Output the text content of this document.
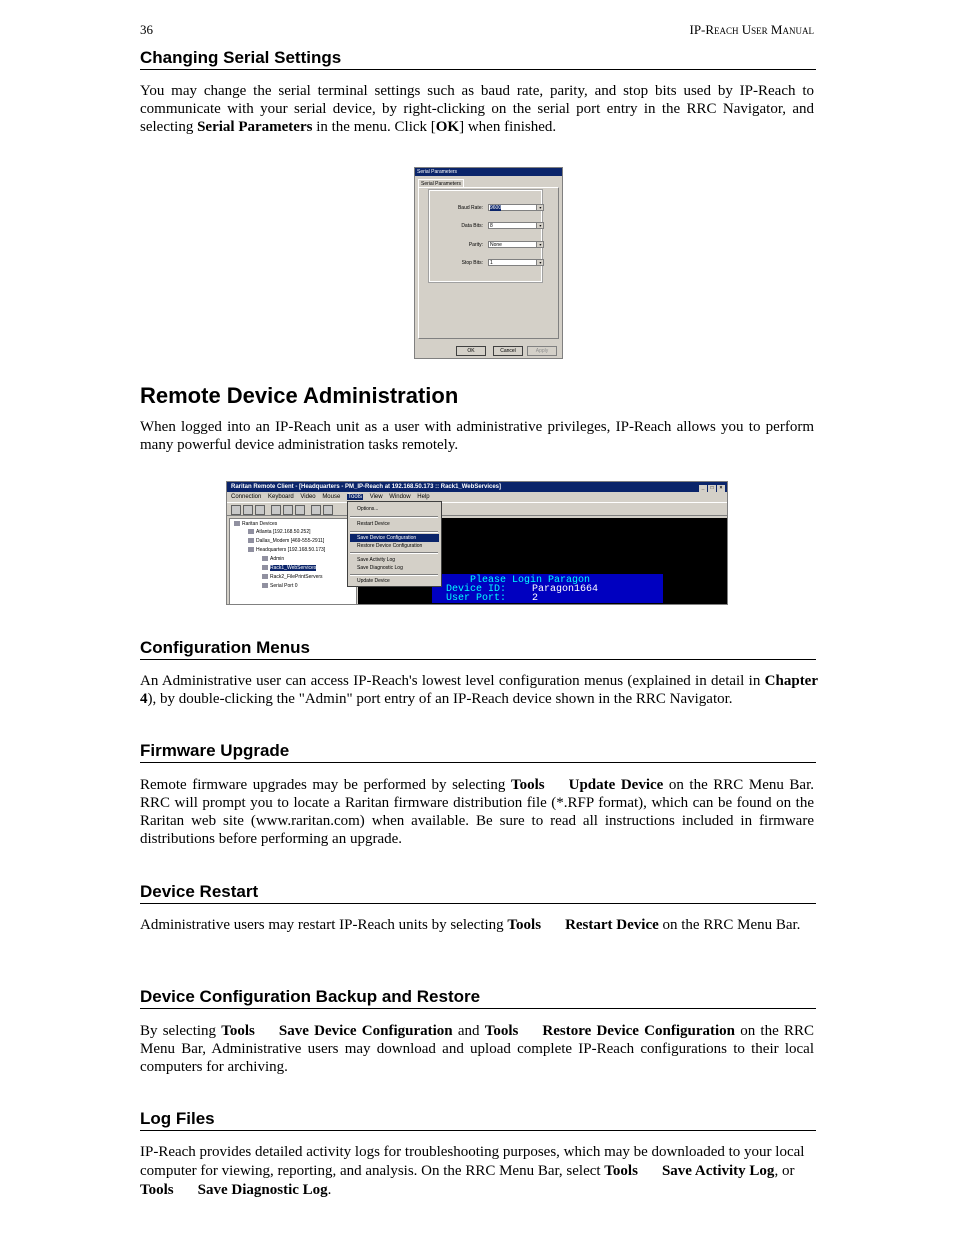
36	IP-Reach User Manual
Changing Serial Settings

You may change the serial terminal settings such as baud rate, parity, and stop bits used by IP-Reach to communicate with your serial device, by right-clicking on the serial port entry in the RRC Navigator, and selecting Serial Parameters in the menu. Click [OK] when finished.

Serial Parameters
Serial Parameters
Baud Rate:	9600	▾
Data Bits:	8	▾
Parity:	None	▾
Stop Bits:	1	▾
OK	Cancel	Apply
Remote Device Administration

When logged into an IP-Reach unit as a user with administrative privileges, IP-Reach allows you to perform many powerful device administration tasks remotely.

Raritan Remote Client - [Headquarters - PM_IP-Reach at 192.168.50.173 :: Rack1_WebServices]	_ □ ×
Connection Keyboard Video Mouse Tools View Window Help
Raritan Devices
Atlanta [192.168.50.252]
Dallas_Modem [469-555-2911]
Headquarters [192.168.50.173]
Admin
Rack1_WebServices
Rack2_FilePrintServers
Serial Port 0	Please Login Paragon
Device ID:	Paragon1664
User Port:	2
Options...
Restart Device
Save Device Configuration
Restore Device Configuration
Save Activity Log
Save Diagnostic Log
Update Device
Configuration Menus

An Administrative user can access IP-Reach's lowest level configuration menus (explained in detail in Chapter 4), by double-clicking the "Admin" port entry of an IP-Reach device shown in the RRC Navigator.

Firmware Upgrade

Remote firmware upgrades may be performed by selecting Tools Update Device on the RRC Menu Bar. RRC will prompt you to locate a Raritan firmware distribution file (*.RFP format), which can be found on the Raritan web site (www.raritan.com) when available. Be sure to read all instructions included in firmware distributions before performing an upgrade.

Device Restart

Administrative users may restart IP-Reach units by selecting Tools Restart Device on the RRC Menu Bar.

Device Configuration Backup and Restore

By selecting Tools Save Device Configuration and Tools Restore Device Configuration on the RRC Menu Bar, Administrative users may download and upload complete IP-Reach configurations to their local computers for archiving.

Log Files

IP-Reach provides detailed activity logs for troubleshooting purposes, which may be downloaded to your local computer for viewing, reporting, and analysis. On the RRC Menu Bar, select Tools Save Activity Log, or Tools Save Diagnostic Log.
